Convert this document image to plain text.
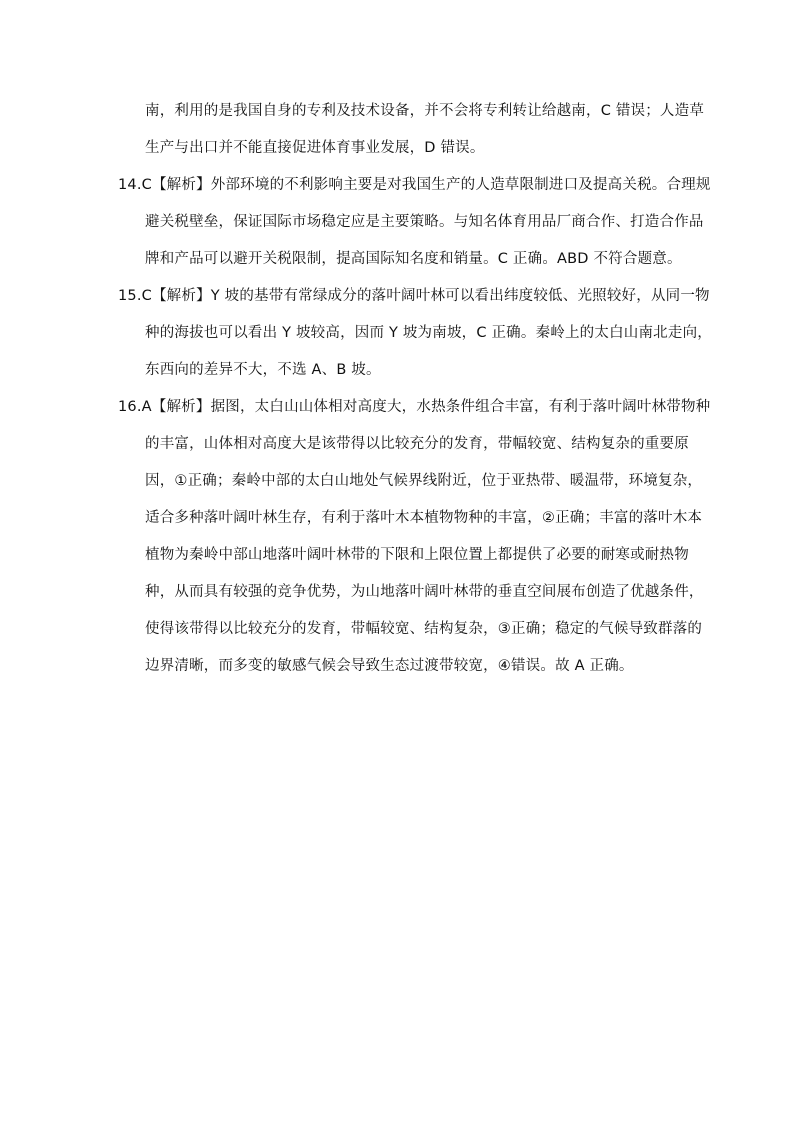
南，利用的是我国自身的专利及技术设备，并不会将专利转让给越南，C 错误；人造草
生产与出口并不能直接促进体育事业发展，D 错误。
14.C【解析】外部环境的不利影响主要是对我国生产的人造草限制进口及提高关税。合理规
避关税壁垒，保证国际市场稳定应是主要策略。与知名体育用品厂商合作、打造合作品
牌和产品可以避开关税限制，提高国际知名度和销量。C 正确。ABD 不符合题意。
15.C【解析】Y 坡的基带有常绿成分的落叶阔叶林可以看出纬度较低、光照较好，从同一物
种的海拔也可以看出 Y 坡较高，因而 Y 坡为南坡，C 正确。秦岭上的太白山南北走向，
东西向的差异不大，不选 A、B 坡。
16.A【解析】据图，太白山山体相对高度大，水热条件组合丰富，有利于落叶阔叶林带物种
的丰富，山体相对高度大是该带得以比较充分的发育，带幅较宽、结构复杂的重要原
因，①正确；秦岭中部的太白山地处气候界线附近，位于亚热带、暖温带，环境复杂，
适合多种落叶阔叶林生存，有利于落叶木本植物物种的丰富，②正确；丰富的落叶木本
植物为秦岭中部山地落叶阔叶林带的下限和上限位置上都提供了必要的耐寒或耐热物
种，从而具有较强的竞争优势，为山地落叶阔叶林带的垂直空间展布创造了优越条件，
使得该带得以比较充分的发育，带幅较宽、结构复杂，③正确；稳定的气候导致群落的
边界清晰，而多变的敏感气候会导致生态过渡带较宽，④错误。故 A 正确。
